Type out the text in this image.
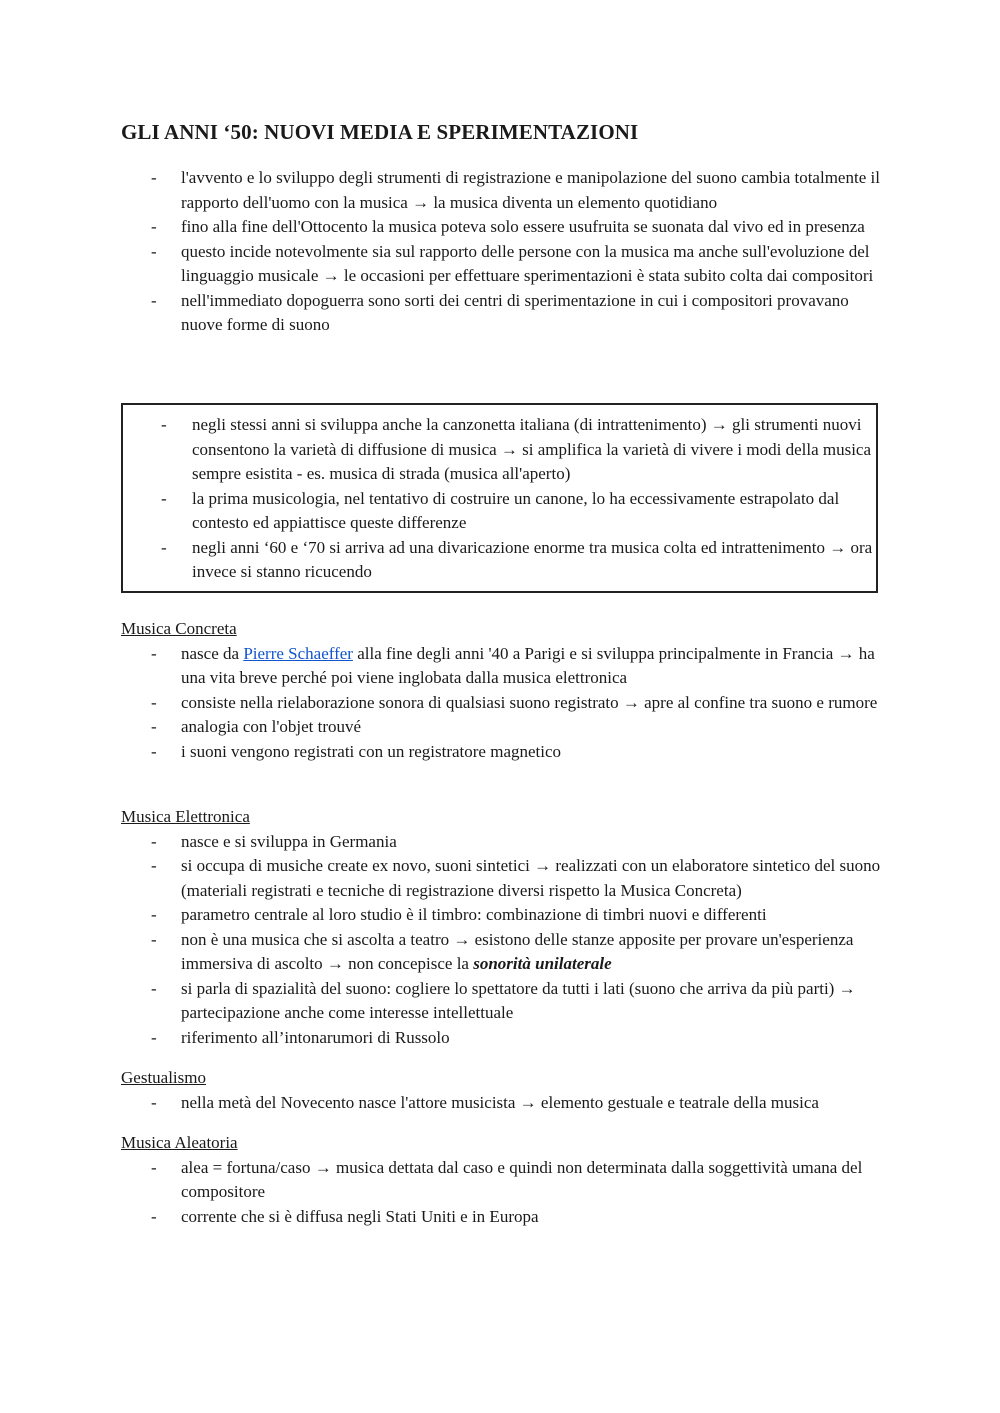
GLI ANNI ‘50: NUOVI MEDIA E SPERIMENTAZIONI
- l'avvento e lo sviluppo degli strumenti di registrazione e manipolazione del suono cambia totalmente il rapporto dell'uomo con la musica → la musica diventa un elemento quotidiano
- fino alla fine dell'Ottocento la musica poteva solo essere usufruita se suonata dal vivo ed in presenza
- questo incide notevolmente sia sul rapporto delle persone con la musica ma anche sull'evoluzione del linguaggio musicale → le occasioni per effettuare sperimentazioni è stata subito colta dai compositori
- nell'immediato dopoguerra sono sorti dei centri di sperimentazione in cui i compositori provavano nuove forme di suono
- negli stessi anni si sviluppa anche la canzonetta italiana (di intrattenimento) → gli strumenti nuovi consentono la varietà di diffusione di musica → si amplifica la varietà di vivere i modi della musica sempre esistita - es. musica di strada (musica all'aperto)
- la prima musicologia, nel tentativo di costruire un canone, lo ha eccessivamente estrapolato dal contesto ed appiattisce queste differenze
- negli anni ‘60 e ‘70 si arriva ad una divaricazione enorme tra musica colta ed intrattenimento → ora invece si stanno ricucendo

Musica Concreta

- nasce da Pierre Schaeffer alla fine degli anni '40 a Parigi e si sviluppa principalmente in Francia → ha una vita breve perché poi viene inglobata dalla musica elettronica
- consiste nella rielaborazione sonora di qualsiasi suono registrato → apre al confine tra suono e rumore
- analogia con l'objet trouvé
- i suoni vengono registrati con un registratore magnetico

Musica Elettronica

- nasce e si sviluppa in Germania
- si occupa di musiche create ex novo, suoni sintetici → realizzati con un elaboratore sintetico del suono (materiali registrati e tecniche di registrazione diversi rispetto la Musica Concreta)
- parametro centrale al loro studio è il timbro: combinazione di timbri nuovi e differenti
- non è una musica che si ascolta a teatro → esistono delle stanze apposite per provare un'esperienza immersiva di ascolto → non concepisce la sonorità unilaterale
- si parla di spazialità del suono: cogliere lo spettatore da tutti i lati (suono che arriva da più parti) → partecipazione anche come interesse intellettuale
- riferimento all’intonarumori di Russolo

Gestualismo

- nella metà del Novecento nasce l'attore musicista → elemento gestuale e teatrale della musica

Musica Aleatoria

- alea = fortuna/caso → musica dettata dal caso e quindi non determinata dalla soggettività umana del compositore
- corrente che si è diffusa negli Stati Uniti e in Europa
